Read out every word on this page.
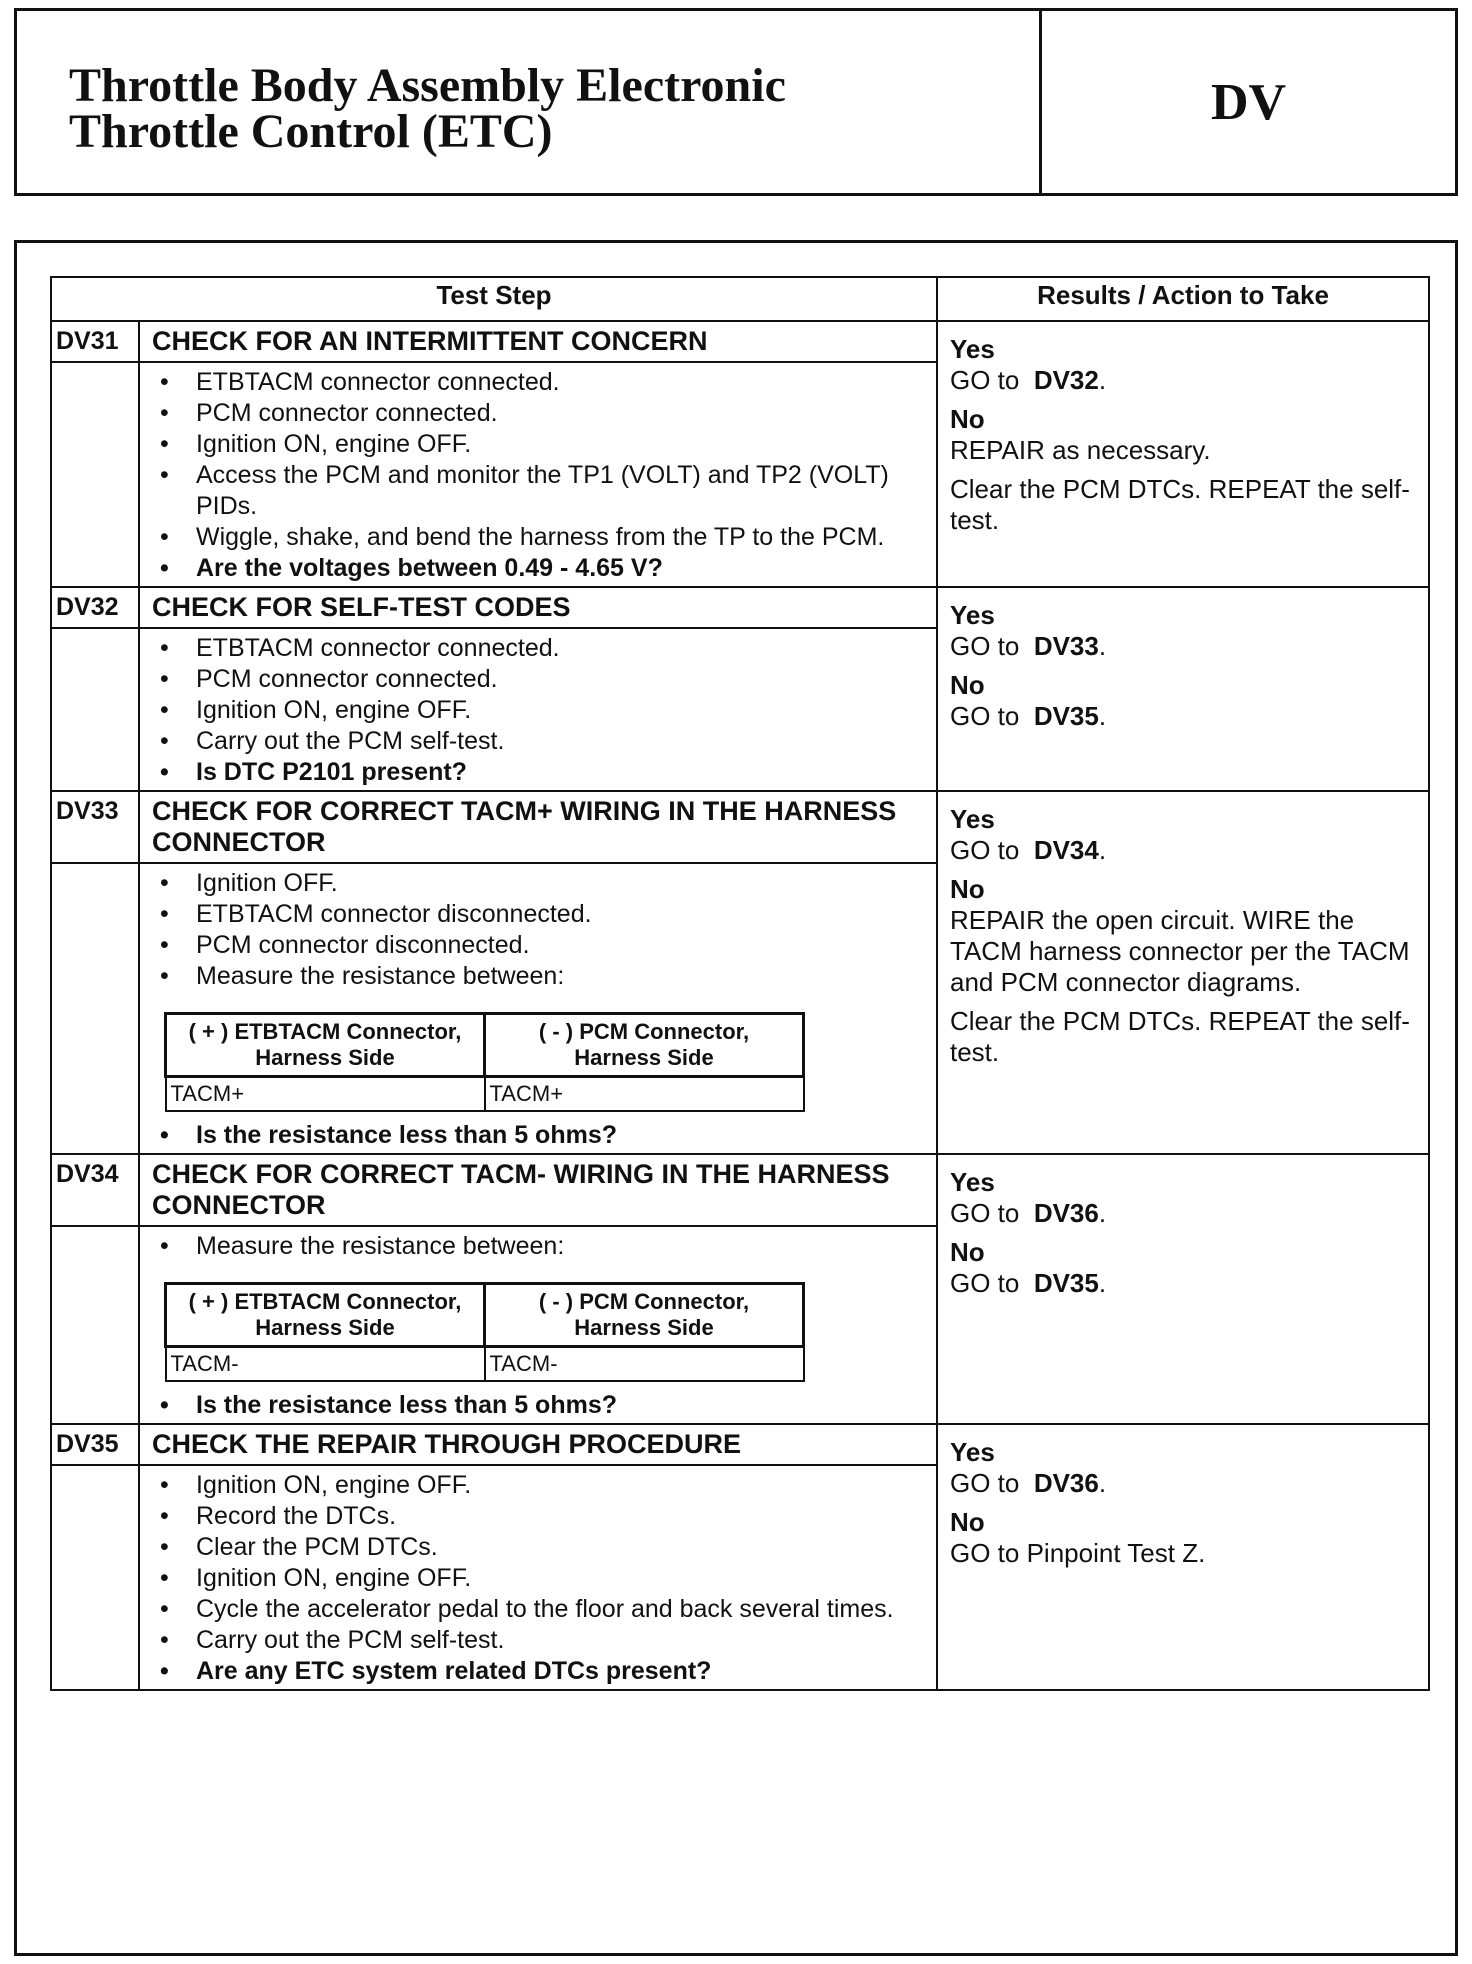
Throttle Body Assembly Electronic
Throttle Control (ETC)
DV
Test Step	Results / Action to Take
DV31	CHECK FOR AN INTERMITTENT CONCERN	Yes
GO to DV32.
No
REPAIR as necessary.
Clear the PCM DTCs. REPEAT the self-test.

• ETBTACM connector connected.
• PCM connector connected.
• Ignition ON, engine OFF.
• Access the PCM and monitor the TP1 (VOLT) and TP2 (VOLT) PIDs.
• Wiggle, shake, and bend the harness from the TP to the PCM.
• Are the voltages between 0.49 - 4.65 V?

DV32	CHECK FOR SELF-TEST CODES	Yes
GO to DV33.
No
GO to DV35.

• ETBTACM connector connected.
• PCM connector connected.
• Ignition ON, engine OFF.
• Carry out the PCM self-test.
• Is DTC P2101 present?

DV33	CHECK FOR CORRECT TACM+ WIRING IN THE HARNESS CONNECTOR	
Yes
GO to DV34.
No
REPAIR the open circuit. WIRE the TACM harness connector per the TACM and PCM connector diagrams.
Clear the PCM DTCs. REPEAT the self-test.

• Ignition OFF.
• ETBTACM connector disconnected.
• PCM connector disconnected.
• Measure the resistance between:
( + ) ETBTACM Connector, Harness Side	( - ) PCM Connector, Harness Side
TACM+	TACM+
• Is the resistance less than 5 ohms?

DV34	CHECK FOR CORRECT TACM- WIRING IN THE HARNESS CONNECTOR	
Yes
GO to DV36.
No
GO to DV35.

• Measure the resistance between:
( + ) ETBTACM Connector, Harness Side	( - ) PCM Connector, Harness Side
TACM-	TACM-
• Is the resistance less than 5 ohms?

DV35	CHECK THE REPAIR THROUGH PROCEDURE	Yes
GO to DV36.
No
GO to Pinpoint Test Z.

• Ignition ON, engine OFF.
• Record the DTCs.
• Clear the PCM DTCs.
• Ignition ON, engine OFF.
• Cycle the accelerator pedal to the floor and back several times.
• Carry out the PCM self-test.
• Are any ETC system related DTCs present?
